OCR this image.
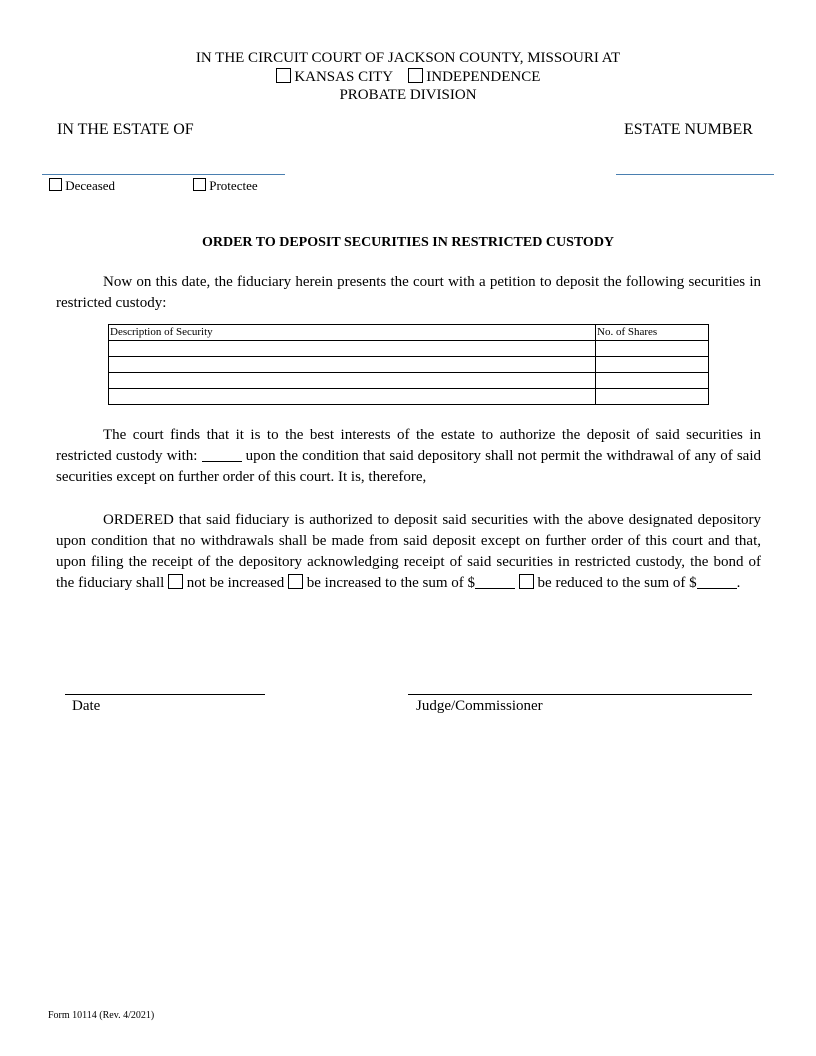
IN THE CIRCUIT COURT OF JACKSON COUNTY, MISSOURI AT
KANSAS CITY INDEPENDENCE
PROBATE DIVISION
IN THE ESTATE OF	ESTATE NUMBER
Deceased	Protectee
ORDER TO DEPOSIT SECURITIES IN RESTRICTED CUSTODY
Now on this date, the fiduciary herein presents the court with a petition to deposit the following securities in restricted custody:
Description of Security	No. of Shares

The court finds that it is to the best interests of the estate to authorize the deposit of said securities in restricted custody with:	upon the condition that said depository shall not permit the withdrawal of any of said securities except on further order of this court. It is, therefore,
ORDERED that said fiduciary is authorized to deposit said securities with the above designated depository upon condition that no withdrawals shall be made from said deposit except on further order of this court and that, upon filing the receipt of the depository acknowledging receipt of said securities in restricted custody, the bond of the fiduciary shall  not be increased  be increased to the sum of $	be reduced to the sum of $	.
Date	Judge/Commissioner
Form 10114 (Rev. 4/2021)
